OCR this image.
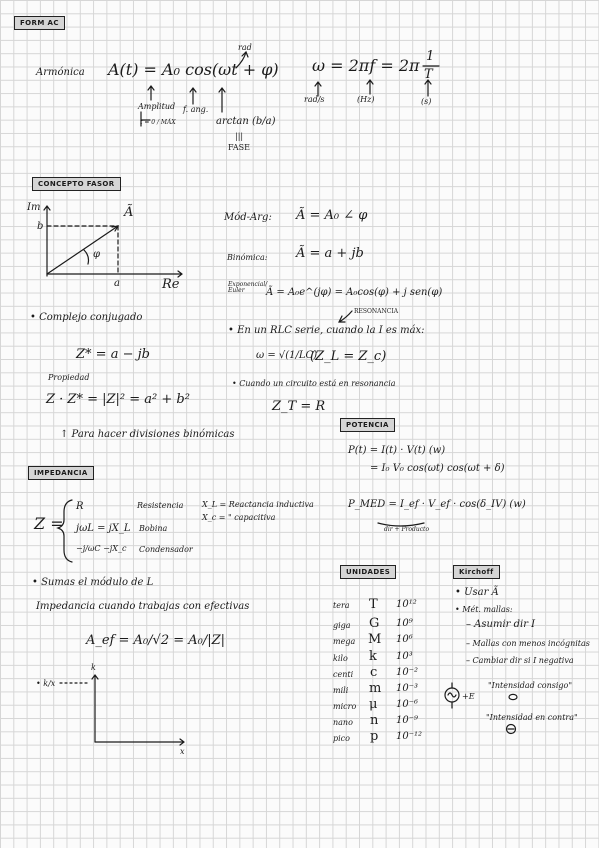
FORM AC
CONCEPTO FASOR
POTENCIA
IMPEDANCIA
UNIDADES	Kirchoff
Armónica A(t) = A₀ cos(ωt + φ)
rad
Amplitud
t = 0 / MÁX
f. ang.
arctan (b/a)
|||
FASE
ω = 2πf = 2π 1
T
rad/s	(Hz)	(s)
Im
Re
b
a
φ
Ã	Mód-Arg: Ã = A₀ ∠ φ
Binómica: Ã = a + jb
Exponencial/ Euler	Ã = A₀e^(jφ) = A₀cos(φ) + j sen(φ)
RESONANCIA
• En un RLC serie, cuando la I es máx:
ω = √(1/LC)
(Z_L = Z_c)
• Cuando un circuito está en resonancia
Z_T = R
• Complejo conjugado
Z* = a − jb
Propiedad
Z · Z* = |Z|² = a² + b²
↑ Para hacer divisiones binómicas
P(t) = I(t) · V(t) (w)
= I₀ V₀ cos(ωt) cos(ωt + δ)
P_MED = I_ef · V_ef · cos(δ_IV) (w)
dir + Producto
Z =
R	Resistencia
jωL = jX_L Bobina
−j/ωC −jX_c Condensador
X_L = Reactancia inductiva
X_c = " capacitiva
• Sumas el módulo de L
Impedancia cuando trabajas con efectivas
A_ef = A₀/√2 = A₀/|Z|
• k/x
k
x
tera T 10¹²
giga G 10⁹
mega M 10⁶
kilo k 10³
centi c 10⁻²
mili m 10⁻³
micro μ 10⁻⁶
nano n 10⁻⁹
pico p 10⁻¹²
• Usar Ã
• Mét. mallas:
– Asumir dir I
– Mallas con menos incógnitas
– Cambiar dir si I negativa
+E
"Intensidad consigo"
"Intensidad en contra"
